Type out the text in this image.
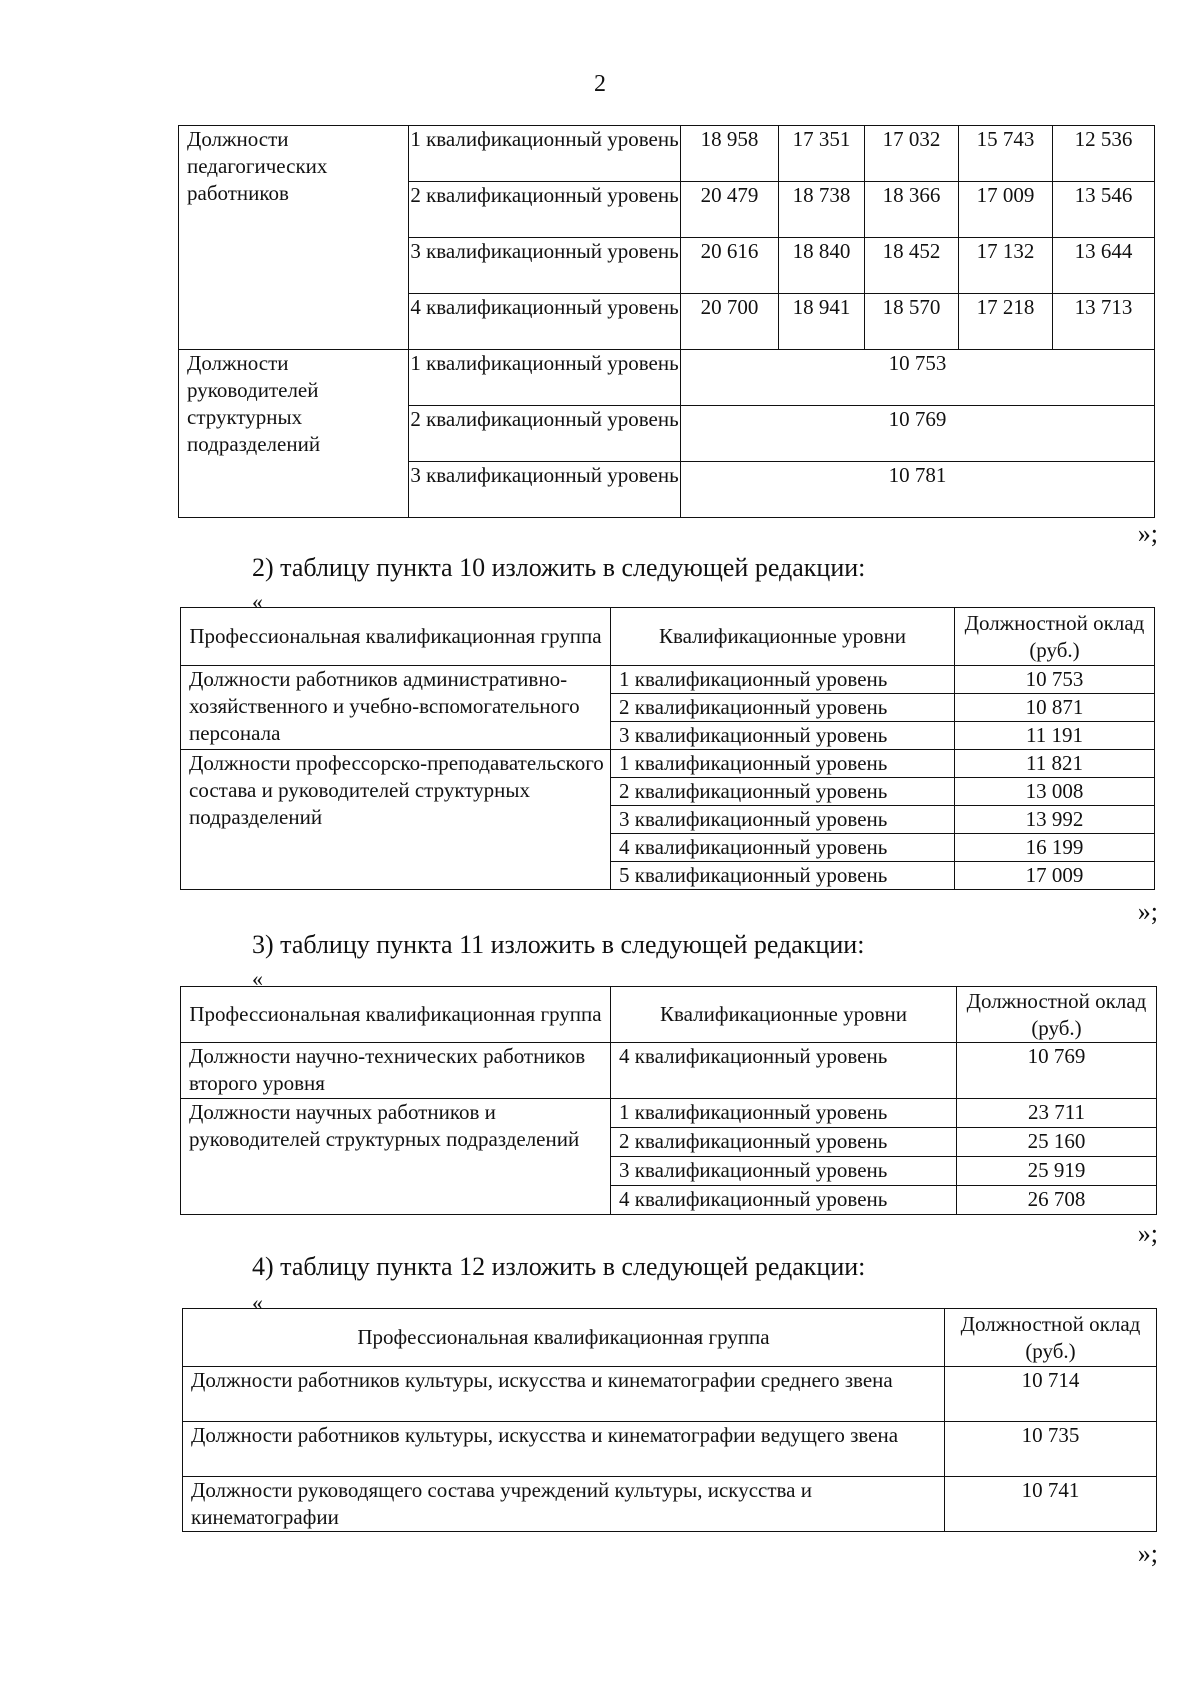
2
Должности педагогических работников	1 квалификационный уровень	18 958	17 351	17 032	15 743	12 536
	2 квалификационный уровень	20 479	18 738	18 366	17 009	13 546
	3 квалификационный уровень	20 616	18 840	18 452	17 132	13 644
	4 квалификационный уровень	20 700	18 941	18 570	17 218	13 713
Должности руководителей структурных подразделений	1 квалификационный уровень	10 753				
	2 квалификационный уровень	10 769				
	3 квалификационный уровень	10 781				
»;
2) таблицу пункта 10 изложить в следующей редакции:
«
Профессиональная квалификационная группа	Квалификационные уровни	Должностной оклад (руб.)
Должности работников административно-хозяйственного и учебно-вспомогательного персонала	1 квалификационный уровень	10 753
	2 квалификационный уровень	10 871
	3 квалификационный уровень	11 191
Должности профессорско-преподавательского состава и руководителей структурных подразделений	1 квалификационный уровень	11 821
	2 квалификационный уровень	13 008
	3 квалификационный уровень	13 992
	4 квалификационный уровень	16 199
	5 квалификационный уровень	17 009
»;
3) таблицу пункта 11 изложить в следующей редакции:
«
Профессиональная квалификационная группа	Квалификационные уровни	Должностной оклад (руб.)
Должности научно-технических работников второго уровня	4 квалификационный уровень	10 769
Должности научных работников и руководителей структурных подразделений	1 квалификационный уровень	23 711
	2 квалификационный уровень	25 160
	3 квалификационный уровень	25 919
	4 квалификационный уровень	26 708
»;
4) таблицу пункта 12 изложить в следующей редакции:
«
Профессиональная квалификационная группа	Должностной оклад (руб.)
Должности работников культуры, искусства и кинематографии среднего звена	10 714
Должности работников культуры, искусства и кинематографии ведущего звена	10 735
Должности руководящего состава учреждений культуры, искусства и кинематографии	10 741
»;
